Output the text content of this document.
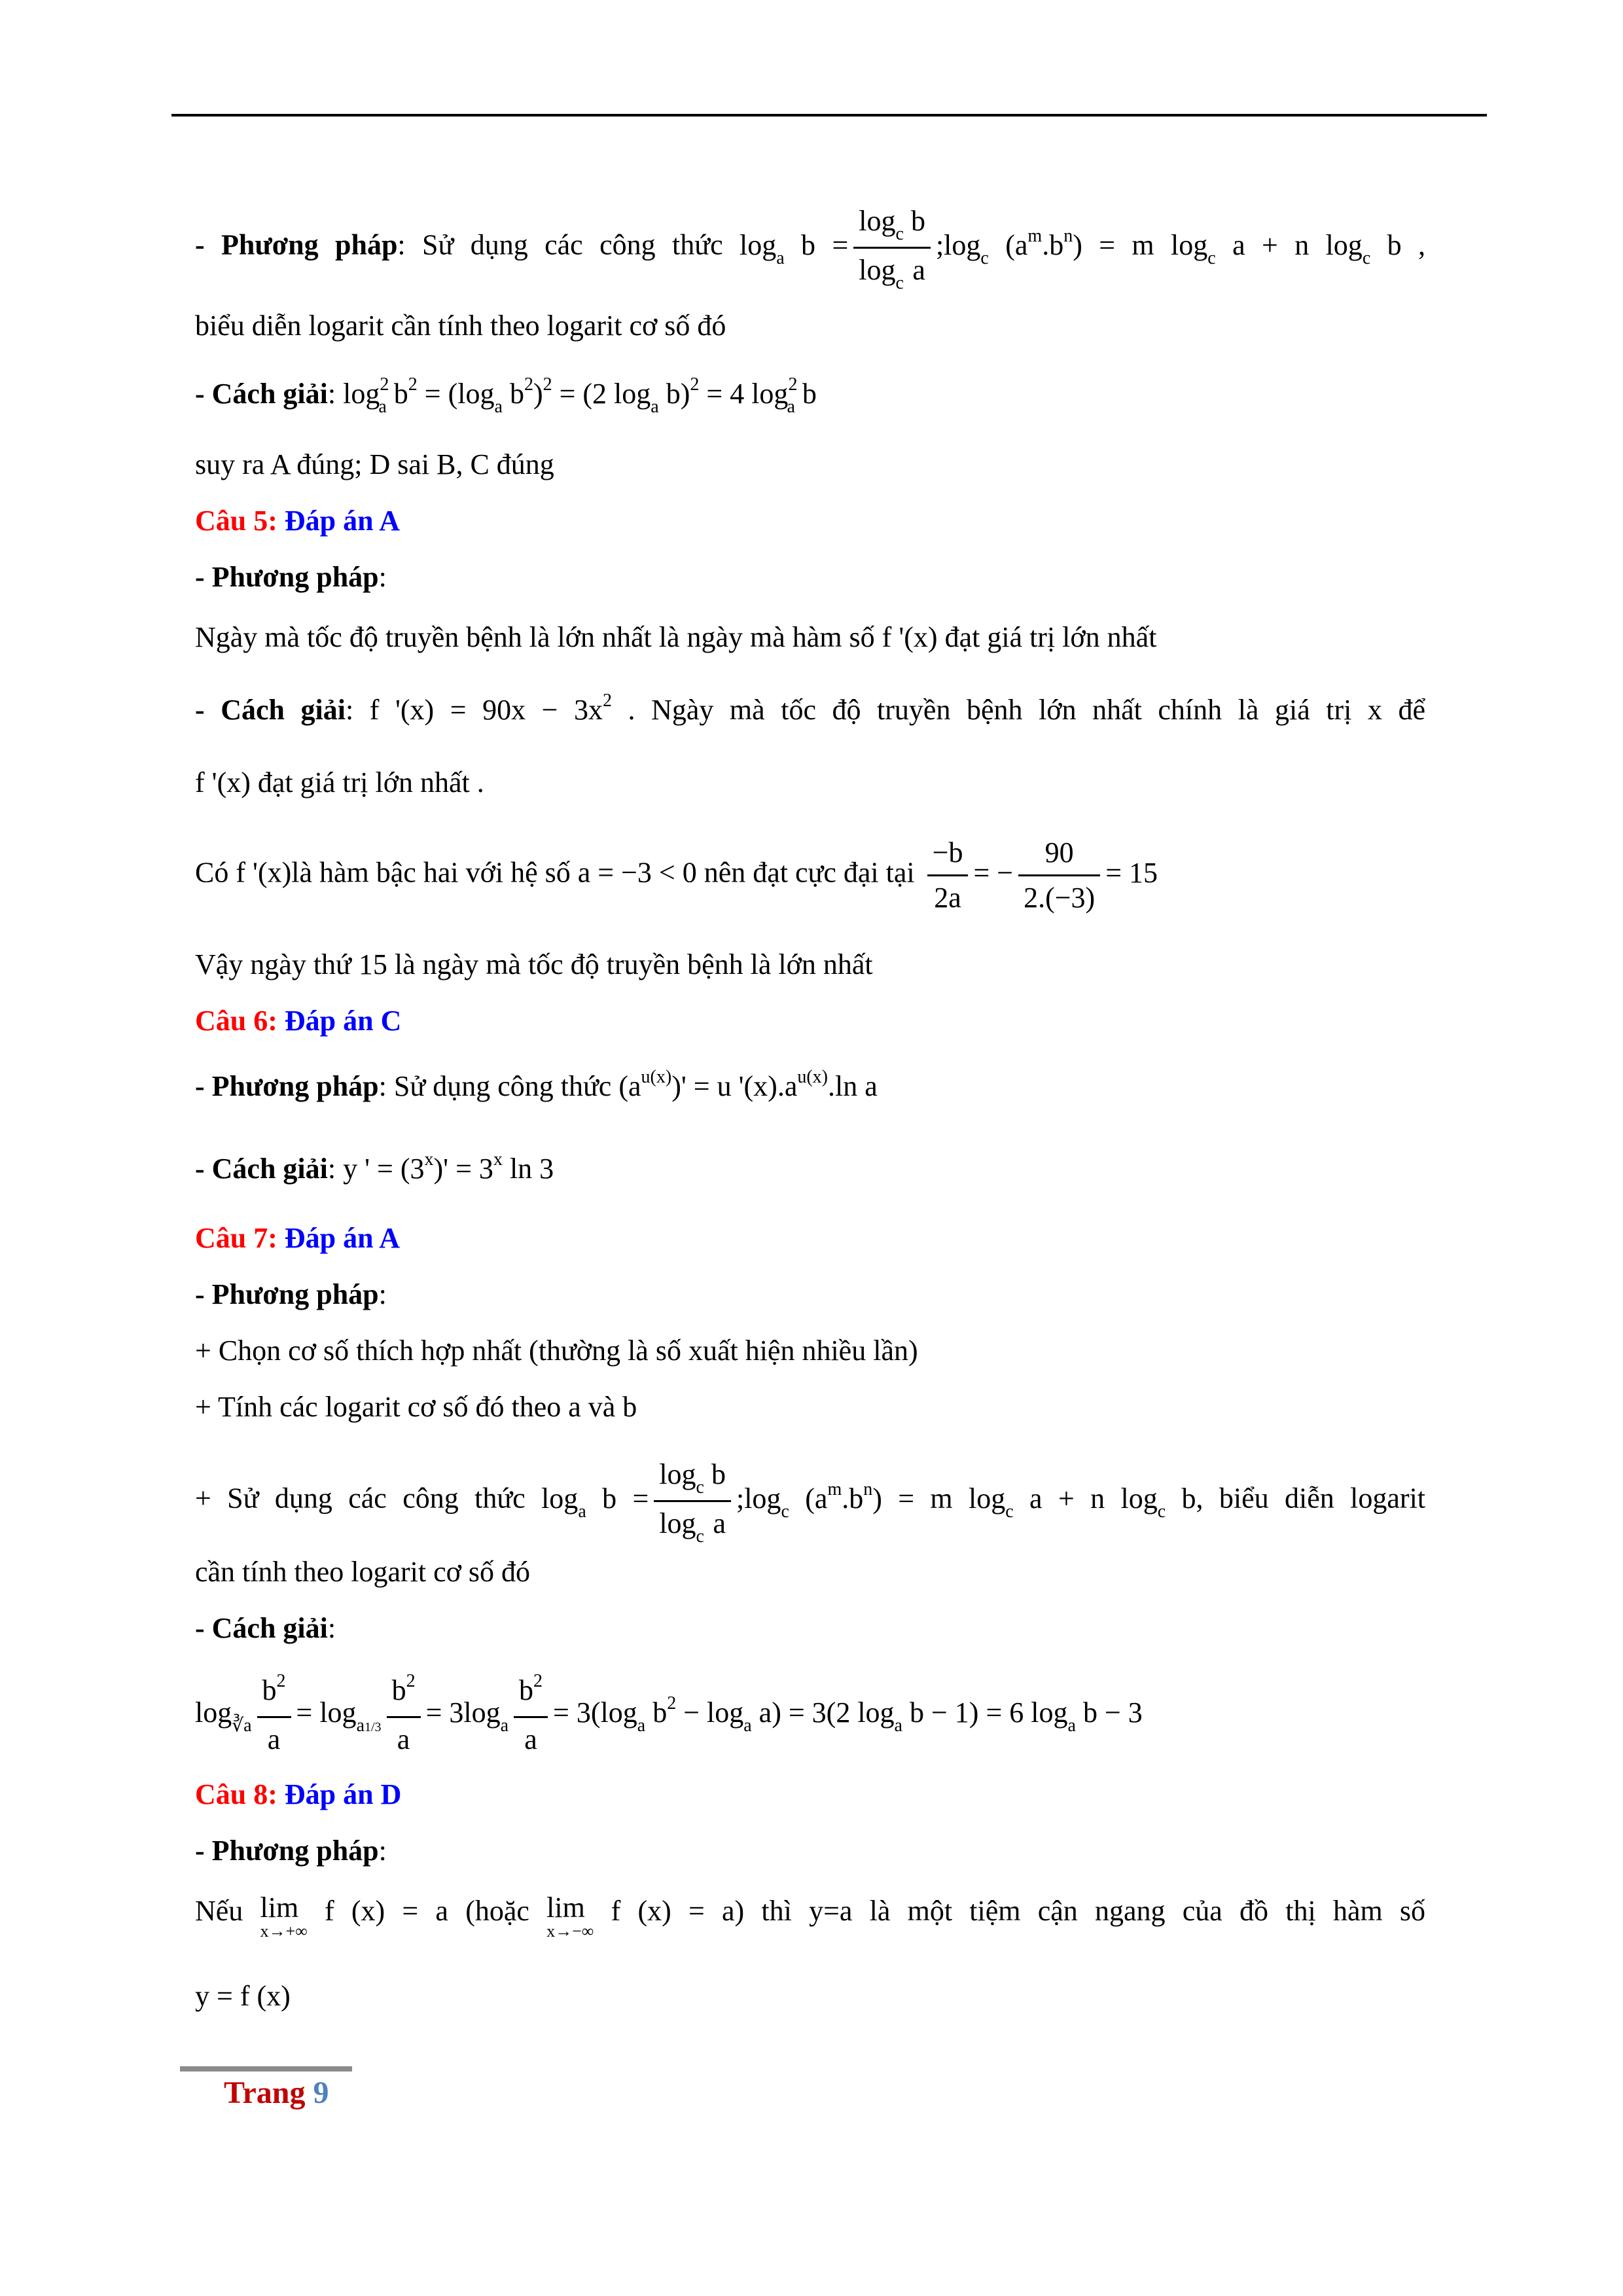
- Phương pháp: Sử dụng các công thức $\log_a b = \frac{\log_c b}{\log_c a}$ $;\log_c$ $(a^m.b^n) = m$ $\log_c a + n$ $\log_c b$ ,
biểu diễn logarit cần tính theo logarit cơ số đó
- Cách giải: $\log^2_a b^2 = (\log_a$ $b^2)^2 = (2$ $\log_a b)^2 = 4$ $\log^2_a b$
suy ra A đúng; D sai B, C đúng
Câu 5: Đáp án A
- Phương pháp:
Ngày mà tốc độ truyền bệnh là lớn nhất là ngày mà hàm số f '(x) đạt giá trị lớn nhất
- Cách giải: f '$(x) = 90x - 3x^2$ . Ngày mà tốc độ truyền bệnh lớn nhất chính là giá trị x để
f '(x) đạt giá trị lớn nhất .
Có f '(x)là hàm bậc hai với hệ số a = −3 < 0 nên đạt cực đại tại $\frac{-b}{2a}$ = − $\frac{90}{2.(-3)} = 15$
Vậy ngày thứ 15 là ngày mà tốc độ truyền bệnh là lớn nhất
Câu 6: Đáp án C
- Phương pháp: Sử dụng công thức $(a^{u(x)})' = u$ '$(x).a^{u(x)}.\ln$ a
- Cách giải: y ' = $(3^x)' = 3^x$ ln 3
Câu 7: Đáp án A
- Phương pháp:
+ Chọn cơ số thích hợp nhất (thường là số xuất hiện nhiều lần)
+ Tính các logarit cơ số đó theo a và b
+ Sử dụng các công thức $\log_a b = \frac{\log_c b}{\log_c a}$ $;\log_c$ $(a^m.b^n) = m$ $\log_c a + n$ $\log_c b$, biểu diễn logarit
cần tính theo logarit cơ số đó
- Cách giải:
$\log_{∛a} \frac{b^2}{a} = \log_{a1/3} \frac{b^2}{a} = 3\log_a \frac{b^2}{a} = 3(\log_a$ $b^2 - \log_a a) = 3(2$ $\log_a b - 1) = 6$ $\log_a b - 3$
Câu 8: Đáp án D
- Phương pháp:
Nếu lim
x→+∞
f (x) = a (hoặc lim
x→−∞
f (x) = a) thì y=a là một tiệm cận ngang của đồ thị hàm số
y = f (x)
Trang 9
